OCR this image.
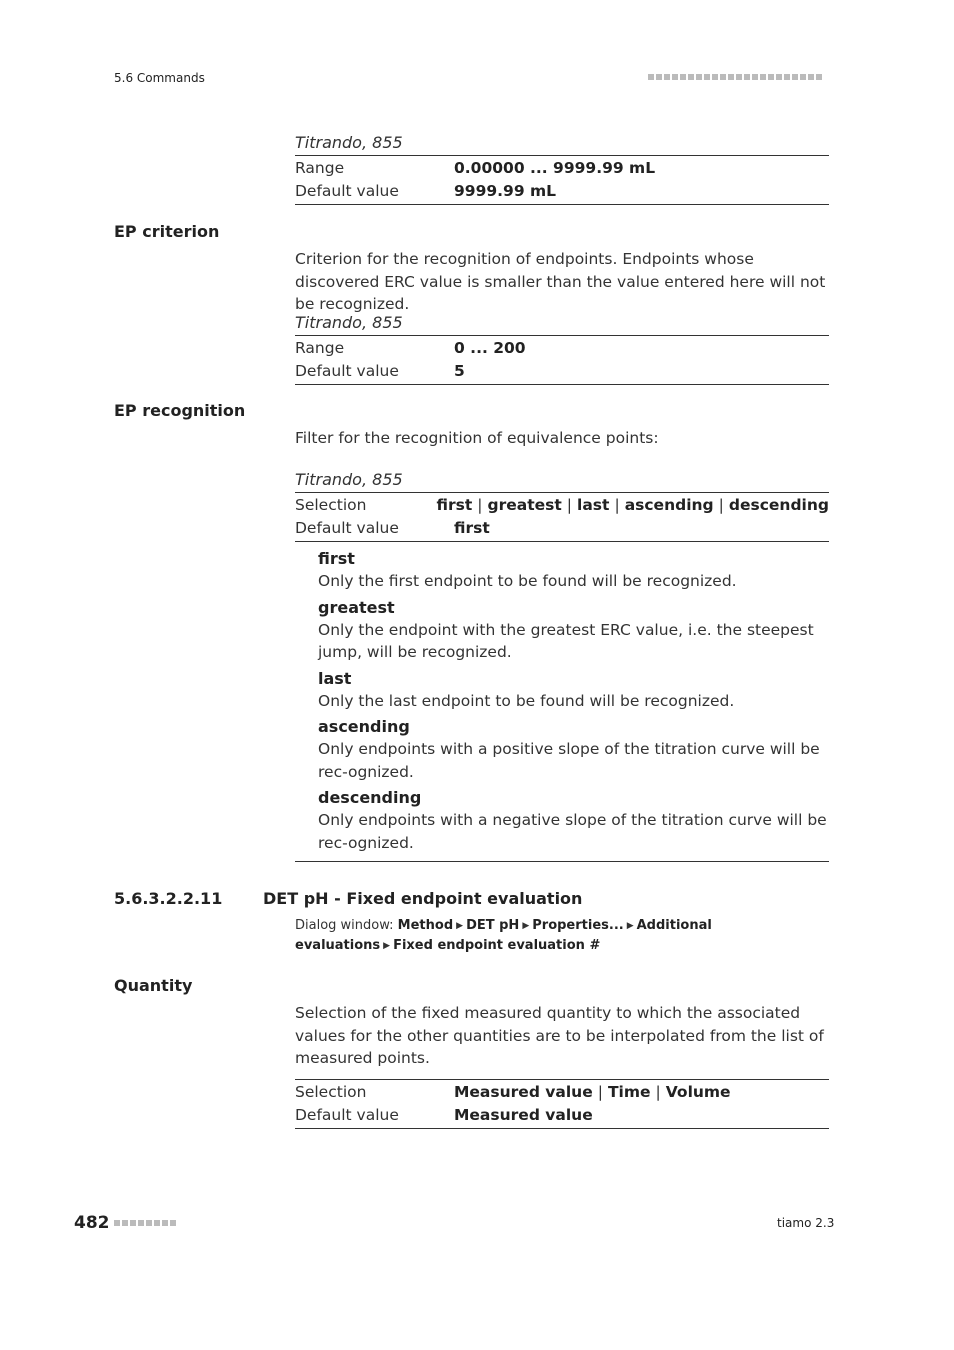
5.6 Commands
Titrando, 855
Range	0.00000 ... 9999.99 mL
Default value	9999.99 mL
EP criterion
Criterion for the recognition of endpoints. Endpoints whose discovered ERC value is smaller than the value entered here will not be recognized.
Titrando, 855
Range	0 ... 200
Default value	5
EP recognition
Filter for the recognition of equivalence points:
Titrando, 855
Selection	first | greatest | last | ascending | descending
Default value	first
first
Only the first endpoint to be found will be recognized.
greatest
Only the endpoint with the greatest ERC value, i.e. the steepest jump, will be recognized.
last
Only the last endpoint to be found will be recognized.
ascending
Only endpoints with a positive slope of the titration curve will be rec-ognized.
descending
Only endpoints with a negative slope of the titration curve will be rec-ognized.
5.6.3.2.2.11	DET pH - Fixed endpoint evaluation
Dialog window: Method ▶ DET pH ▶ Properties... ▶ Additional evaluations ▶ Fixed endpoint evaluation #
Quantity
Selection of the fixed measured quantity to which the associated values for the other quantities are to be interpolated from the list of measured points.
Selection	Measured value | Time | Volume
Default value	Measured value
482	tiamo 2.3
